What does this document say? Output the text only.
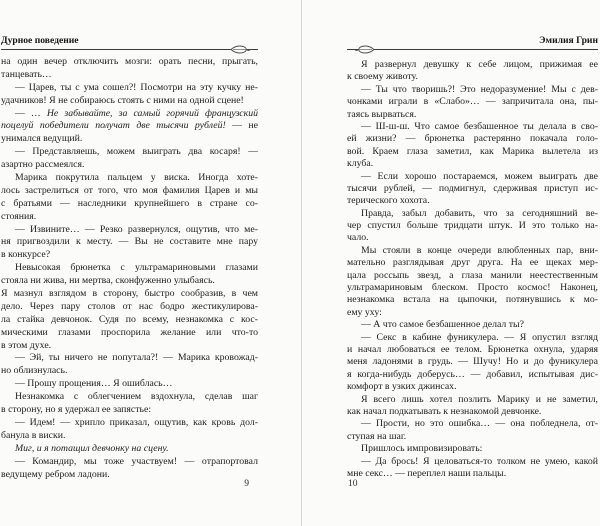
Дурное поведение
на один вечер отключить мозги: орать песни, прыгать,
танцевать…
— Царев, ты с ума сошел?! Посмотри на эту кучку не-
удачников! Я не собираюсь стоять с ними на одной сцене!
— … Не забывайте, за самый горячий французский
поцелуй победители получат две тысячи рублей! — не
унимался ведущий.
— Представляешь, можем выиграть два косаря! —
азартно рассмеялся.
Марика покрутила пальцем у виска. Иногда хоте-
лось застрелиться от того, что моя фамилия Царев и мы
с братьями — наследники крупнейшего в стране со-
стояния.
— Извините… — Резко развернулся, ощутив, что ме-
ня пригвоздили к месту. — Вы не составите мне пару
в конкурсе?
Невысокая брюнетка с ультрамариновыми глазами
стояла ни жива, ни мертва, сконфуженно улыбаясь.
Я мазнул взглядом в сторону, быстро сообразив, в чем
дело. Через пару столов от нас бодро жестикулирова-
ла стайка девчонок. Судя по всему, незнакомка с кос-
мическими глазами проспорила желание или что-то
в этом духе.
— Эй, ты ничего не попутала?! — Марика кровожад-
но облизнулась.
— Прошу прощения… Я ошиблась…
Незнакомка с облегчением вздохнула, сделав шаг
в сторону, но я удержал ее запястье:
— Идем! — хрипло приказал, ощутив, как кровь дол-
банула в виски.
Миг, и я потащил девчонку на сцену.
— Командир, мы тоже участвуем! — отрапортовал
ведущему ребром ладони.
9
Эмилия Грин
Я развернул девушку к себе лицом, прижимая ее
к своему животу.
— Ты что творишь?! Это недоразумение! Мы с дев-
чонками играли в «Слабо»… — запричитала она, пы-
таясь вырваться.
— Ш-ш-ш. Что самое безбашенное ты делала в сво-
ей жизни? — брюнетка растерянно покачала голо-
вой. Краем глаза заметил, как Марика вылетела из
клуба.
— Если хорошо постараемся, можем выиграть две
тысячи рублей, — подмигнул, сдерживая приступ ис-
терического хохота.
Правда, забыл добавить, что за сегодняшний ве-
чер спустил больше тридцати штук. И это только на-
чало.
Мы стояли в конце очереди влюбленных пар, вни-
мательно разглядывая друг друга. На ее щеках мер-
цала россыпь звезд, а глаза манили неестественным
ультрамариновым блеском. Просто космос! Наконец,
незнакомка встала на цыпочки, потянувшись к мо-
ему уху:
— А что самое безбашенное делал ты?
— Секс в кабине фуникулера. — Я опустил взгляд
и начал любоваться ее телом. Брюнетка охнула, ударяя
меня ладонями в грудь. — Шучу! Но и до фуникулера
я когда-нибудь доберусь… — добавил, испытывая дис-
комфорт в узких джинсах.
Я всего лишь хотел позлить Марику и не заметил,
как начал подкатывать к незнакомой девчонке.
— Прости, но это ошибка… — она побледнела, от-
ступая на шаг.
Пришлось импровизировать:
— Да брось! Я целоваться-то толком не умею, какой
мне секс… — переплел наши пальцы.
10
